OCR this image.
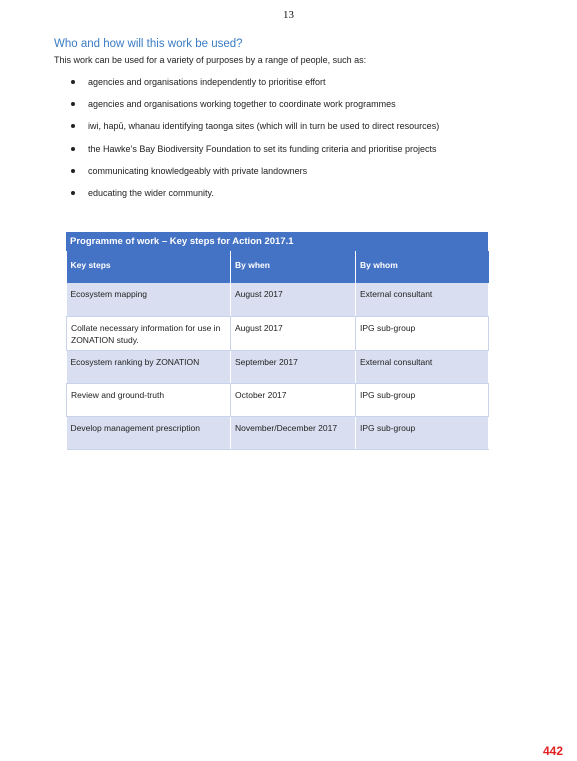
13
Who and how will this work be used?
This work can be used for a variety of purposes by a range of people, such as:
agencies and organisations independently to prioritise effort
agencies and organisations working together to coordinate work programmes
iwi, hapū, whanau identifying taonga sites (which will in turn be used to direct resources)
the Hawke’s Bay Biodiversity Foundation to set its funding criteria and prioritise projects
communicating knowledgeably with private landowners
educating the wider community.
Programme of work – Key steps for Action 2017.1
Key steps	By when	By whom
Ecosystem mapping	August 2017	External consultant
Collate necessary information for use in ZONATION study.	August 2017	IPG sub-group
Ecosystem ranking by ZONATION	September 2017	External consultant
Review and ground-truth	October 2017	IPG sub-group
Develop management prescription	November/December 2017	IPG sub-group
442
